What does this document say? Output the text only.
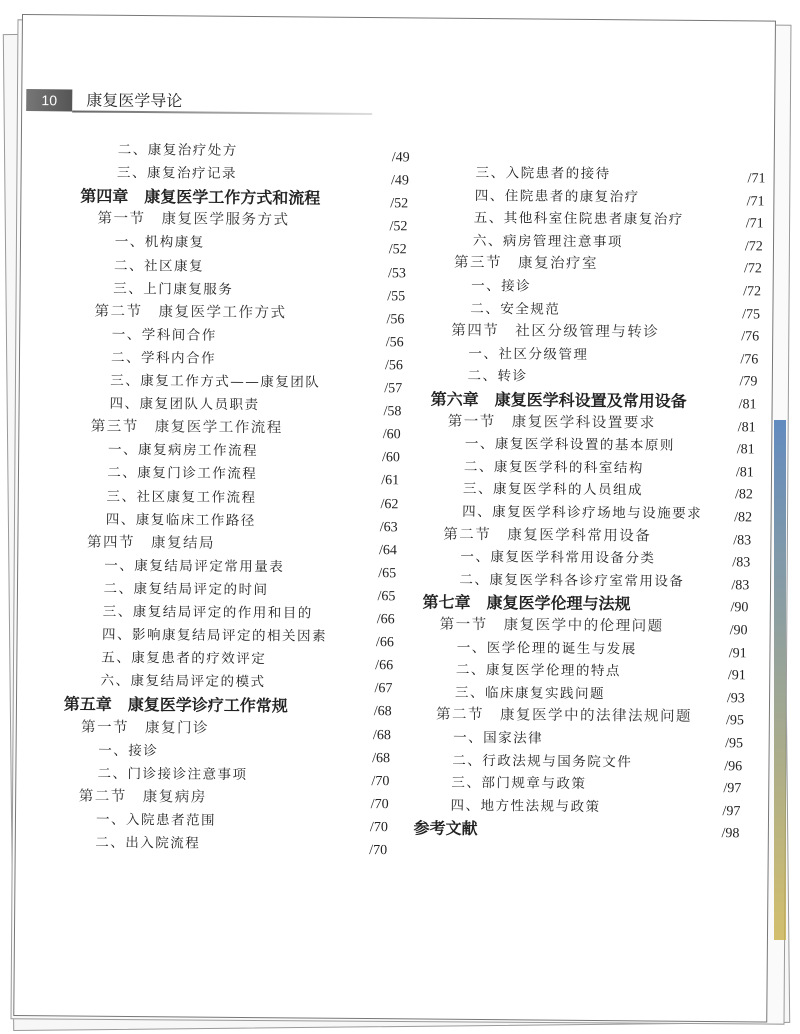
10	康复医学导论
二、康复治疗处方	/49
三、康复治疗记录	/49
第四章　康复医学工作方式和流程	/52
第一节　康复医学服务方式	/52
一、机构康复	/52
二、社区康复	/53
三、上门康复服务	/55
第二节　康复医学工作方式	/56
一、学科间合作	/56
二、学科内合作	/56
三、康复工作方式——康复团队	/57
四、康复团队人员职责	/58
第三节　康复医学工作流程	/60
一、康复病房工作流程	/60
二、康复门诊工作流程	/61
三、社区康复工作流程	/62
四、康复临床工作路径	/63
第四节　康复结局	/64
一、康复结局评定常用量表	/65
二、康复结局评定的时间	/65
三、康复结局评定的作用和目的	/66
四、影响康复结局评定的相关因素	/66
五、康复患者的疗效评定	/66
六、康复结局评定的模式	/67
第五章　康复医学诊疗工作常规	/68
第一节　康复门诊	/68
一、接诊	/68
二、门诊接诊注意事项	/70
第二节　康复病房	/70
一、入院患者范围	/70
二、出入院流程	/70
三、入院患者的接待	/71
四、住院患者的康复治疗	/71
五、其他科室住院患者康复治疗	/71
六、病房管理注意事项	/72
第三节　康复治疗室	/72
一、接诊	/72
二、安全规范	/75
第四节　社区分级管理与转诊	/76
一、社区分级管理	/76
二、转诊	/79
第六章　康复医学科设置及常用设备	/81
第一节　康复医学科设置要求	/81
一、康复医学科设置的基本原则	/81
二、康复医学科的科室结构	/81
三、康复医学科的人员组成	/82
四、康复医学科诊疗场地与设施要求 /82
第二节　康复医学科常用设备	/83
一、康复医学科常用设备分类	/83
二、康复医学科各诊疗室常用设备	/83
第七章　康复医学伦理与法规	/90
第一节　康复医学中的伦理问题	/90
一、医学伦理的诞生与发展	/91
二、康复医学伦理的特点	/91
三、临床康复实践问题	/93
第二节　康复医学中的法律法规问题 /95
一、国家法律	/95
二、行政法规与国务院文件	/96
三、部门规章与政策	/97
四、地方性法规与政策	/97
参考文献	/98
